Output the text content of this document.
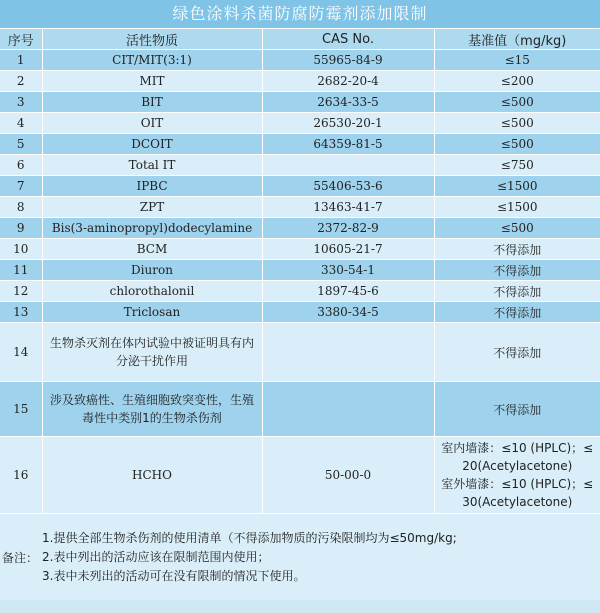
绿色涂料杀菌防腐防霉剂添加限制
序号	活性物质	CAS No.	基准值（mg/kg)
1	CIT/MIT(3:1)	55965-84-9	≤15
2	MIT	2682-20-4	≤200
3	BIT	2634-33-5	≤500
4	OIT	26530-20-1	≤500
5	DCOIT	64359-81-5	≤500
6	Total IT		≤750
7	IPBC	55406-53-6	≤1500
8	ZPT	13463-41-7	≤1500
9	Bis(3-aminopropyl)dodecylamine	2372-82-9	≤500
10	BCM	10605-21-7	不得添加
11	Diuron	330-54-1	不得添加
12	chlorothalonil	1897-45-6	不得添加
13	Triclosan	3380-34-5	不得添加
14	生物杀灭剂在体内试验中被证明具有内分泌干扰作用		不得添加
15	涉及致癌性、生殖细胞致突变性，生殖毒性中类别1的生物杀伤剂		不得添加
16	HCHO	50-00-0	室内墙漆：≤10 (HPLC)；≤
20(Acetylacetone)
室外墙漆：≤10 (HPLC)；≤
30(Acetylacetone)
备注：
1.提供全部生物杀伤剂的使用清单（不得添加物质的污染限制均为≤50mg/kg;
2.表中列出的活动应该在限制范围内使用；
3.表中未列出的活动可在没有限制的情况下使用。
